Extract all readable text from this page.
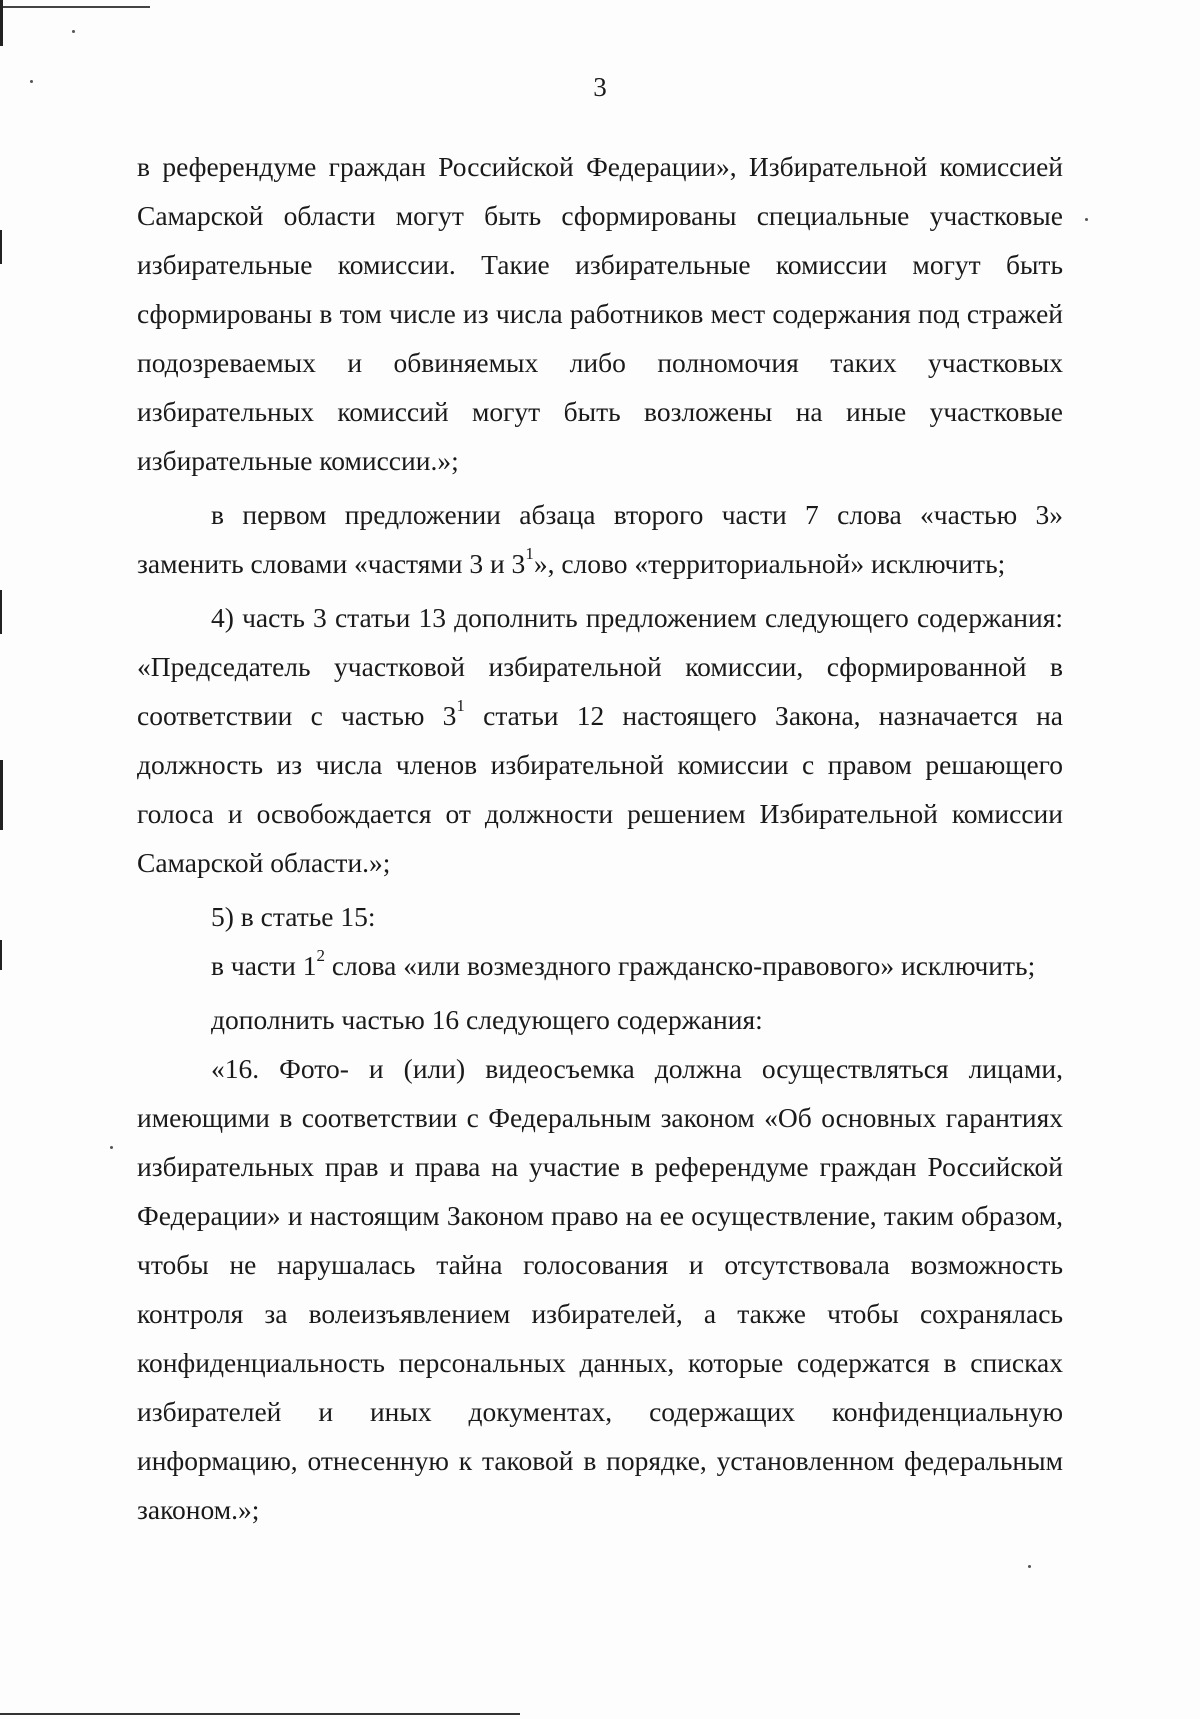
3

в референдуме граждан Российской Федерации», Избирательной комиссией Самарской области могут быть сформированы специальные участковые избирательные комиссии. Такие избирательные комиссии могут быть сформированы в том числе из числа работников мест содержания под стражей подозреваемых и обвиняемых либо полномочия таких участковых избирательных комиссий могут быть возложены на иные участковые избирательные комиссии.»;

в первом предложении абзаца второго части 7 слова «частью 3» заменить словами «частями 3 и $3^1$», слово «территориальной» исключить;

4) часть 3 статьи 13 дополнить предложением следующего содержания: «Председатель участковой избирательной комиссии, сформированной в соответствии с частью $3^1$ статьи 12 настоящего Закона, назначается на должность из числа членов избирательной комиссии с правом решающего голоса и освобождается от должности решением Избирательной комиссии Самарской области.»;

5) в статье 15:

в части $1^2$ слова «или возмездного гражданско-правового» исключить;

дополнить частью 16 следующего содержания:

«16. Фото- и (или) видеосъемка должна осуществляться лицами, имеющими в соответствии с Федеральным законом «Об основных гарантиях избирательных прав и права на участие в референдуме граждан Российской Федерации» и настоящим Законом право на ее осуществление, таким образом, чтобы не нарушалась тайна голосования и отсутствовала возможность контроля за волеизъявлением избирателей, а также чтобы сохранялась конфиденциальность персональных данных, которые содержатся в списках избирателей и иных документах, содержащих конфиденциальную информацию, отнесенную к таковой в порядке, установленном федеральным законом.»;
